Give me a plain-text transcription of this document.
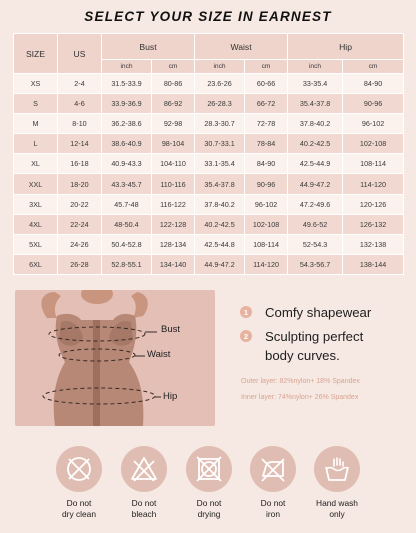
SELECT YOUR SIZE IN EARNEST
SIZE	US	Bust		Waist		Hip	
		inch	cm	inch	cm	inch	cm
XS	2-4	31.5-33.9	80-86	23.6-26	60-66	33-35.4	84-90
S	4-6	33.9-36.9	86-92	26-28.3	66-72	35.4-37.8	90-96
M	8-10	36.2-38.6	92-98	28.3-30.7	72-78	37.8-40.2	96-102
L	12-14	38.6-40.9	98-104	30.7-33.1	78-84	40.2-42.5	102-108
XL	16-18	40.9-43.3	104-110	33.1-35.4	84-90	42.5-44.9	108-114
XXL	18-20	43.3-45.7	110-116	35.4-37.8	90-96	44.9-47.2	114-120
3XL	20-22	45.7-48	116-122	37.8-40.2	96-102	47.2-49.6	120-126
4XL	22-24	48-50.4	122-128	40.2-42.5	102-108	49.6-52	126-132
5XL	24-26	50.4-52.8	128-134	42.5-44.8	108-114	52-54.3	132-138
6XL	26-28	52.8-55.1	134-140	44.9-47.2	114-120	54.3-56.7	138-144
Bust
Waist
Hip
1 Comfy shapewear
2 Sculpting perfect body curves.
Outer layer: 82%nylon+ 18% Spandex
Inner layer: 74%nylon+ 26% Spandex
Do not
dry clean
Do not
bleach
Do not
drying
Do not
iron
Hand wash
only
